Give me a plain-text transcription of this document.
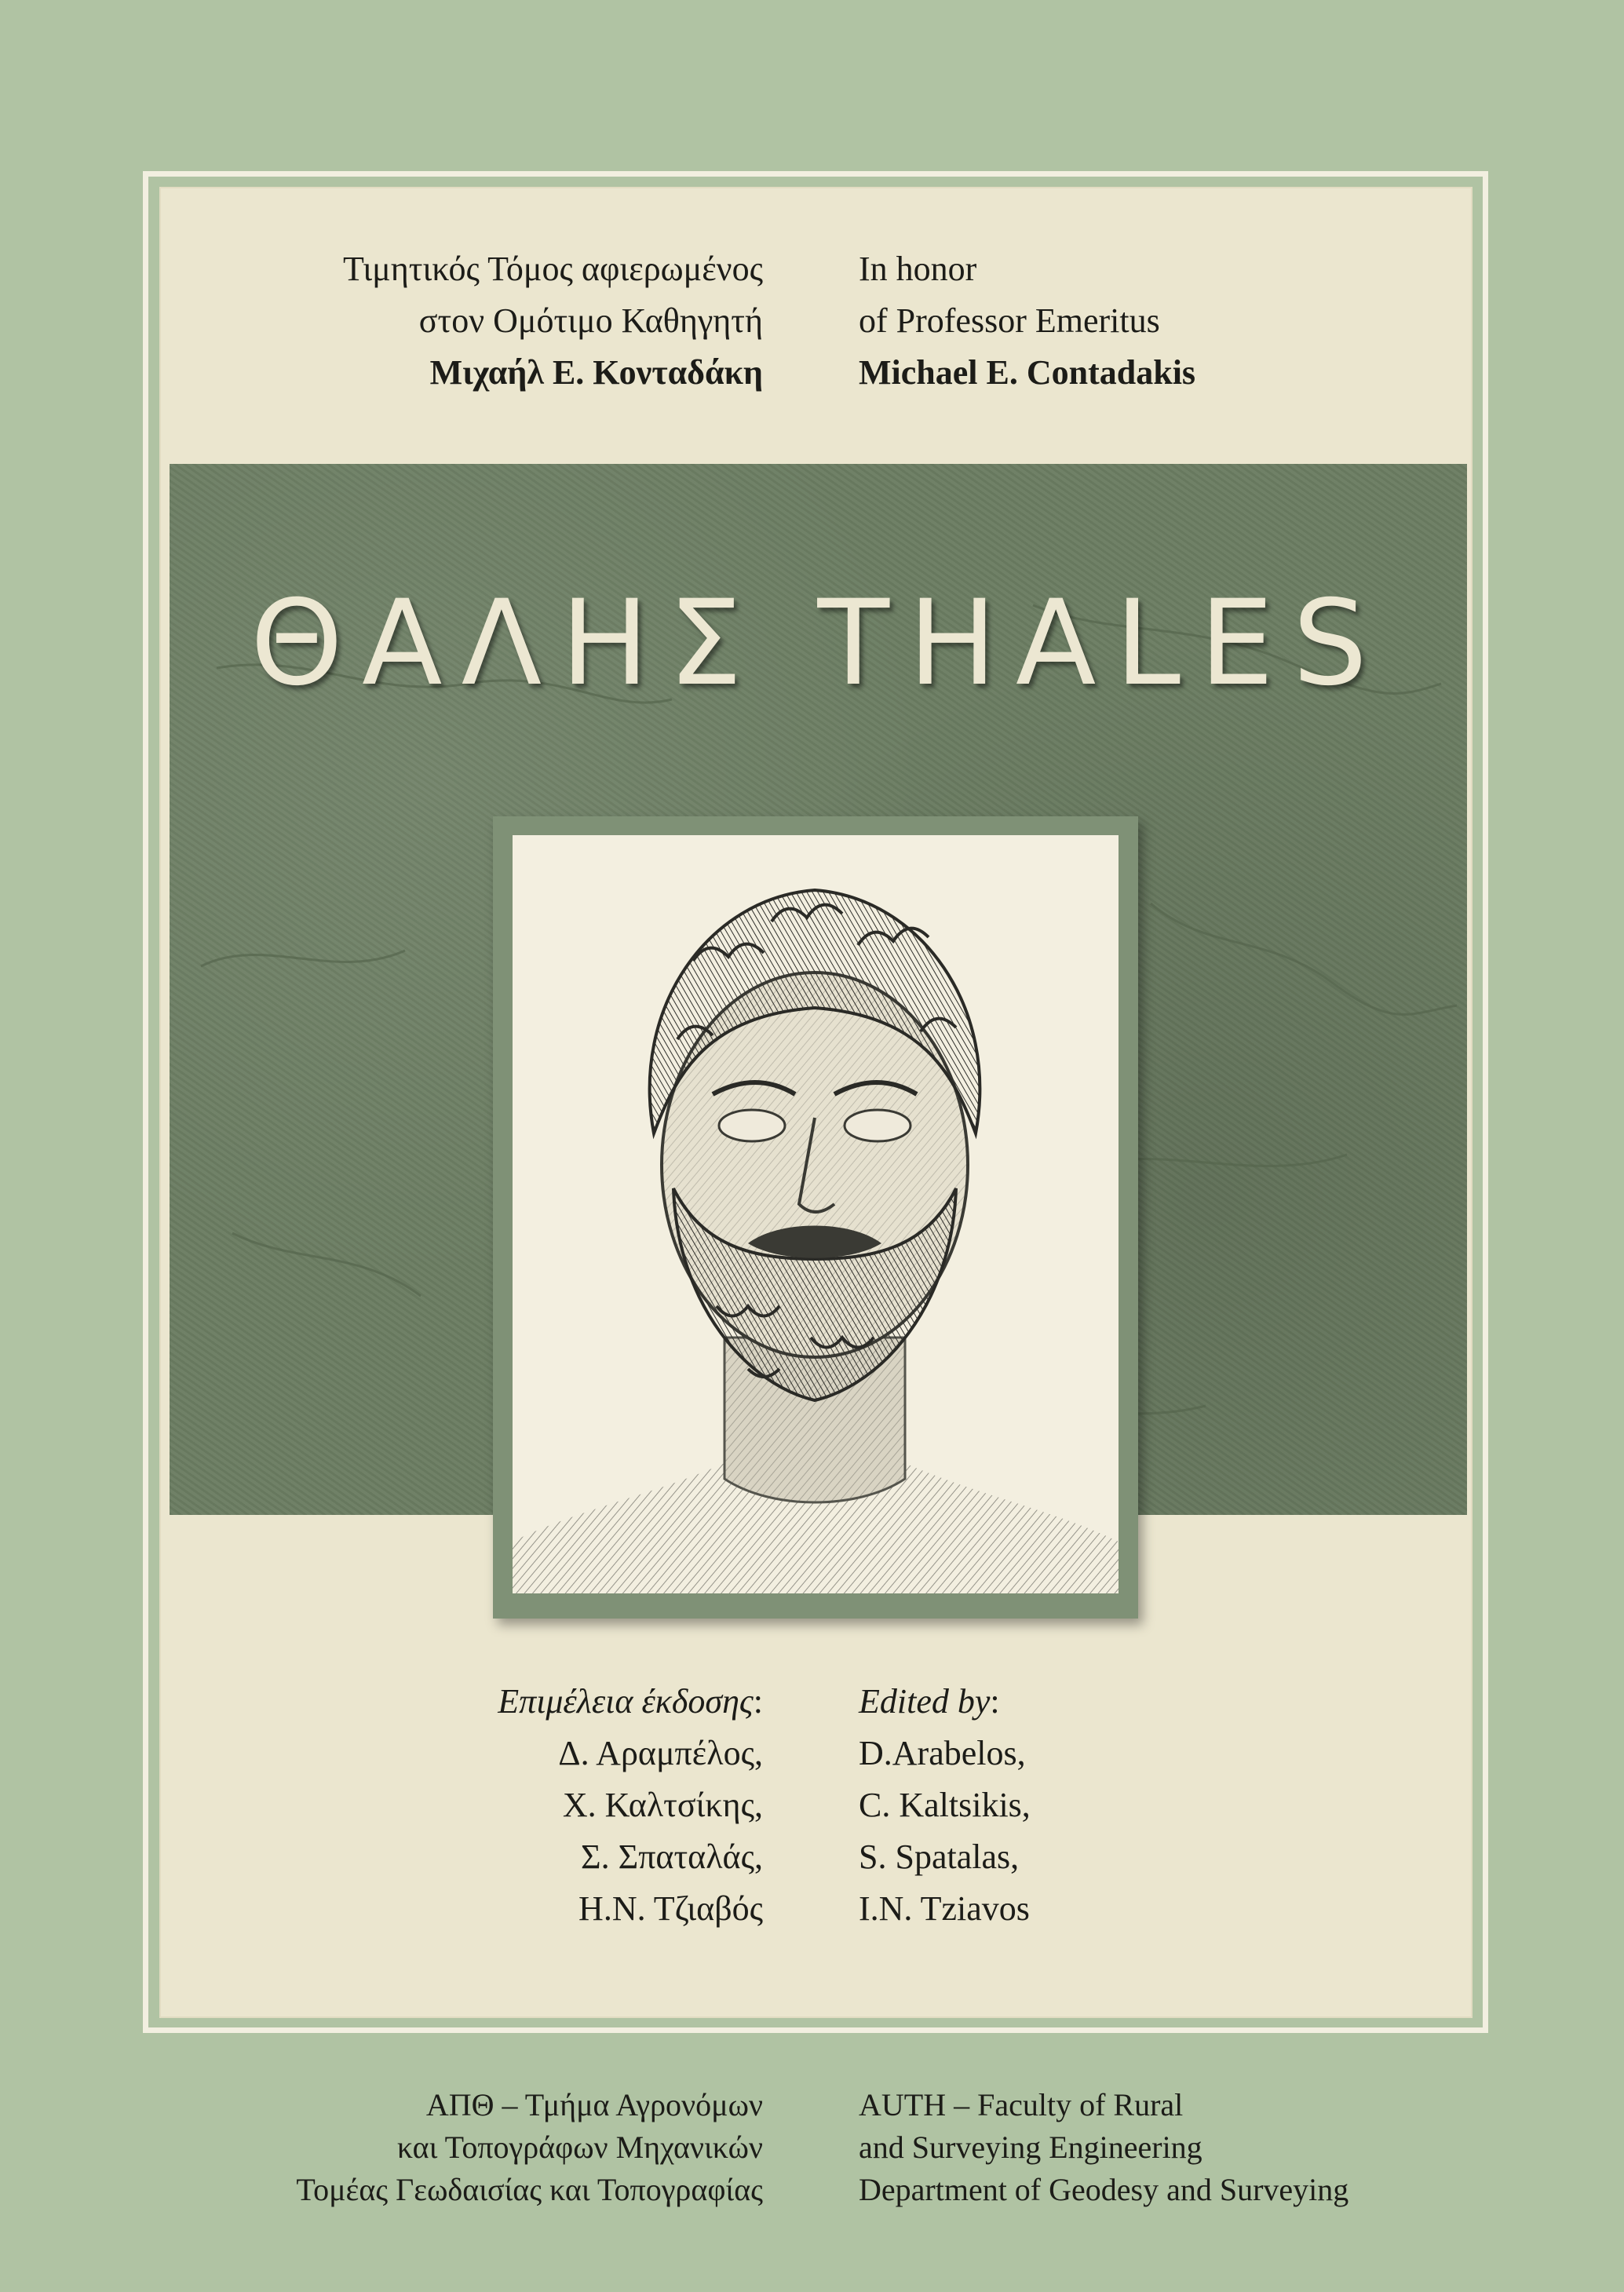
Τιμητικός Τόμος αφιερωμένος
στον Ομότιμο Καθηγητή
Μιχαήλ Ε. Κονταδάκη
In honor
of Professor Emeritus
Michael E. Contadakis
ΘΑΛΗΣ THALES
Επιμέλεια έκδοσης:
Δ. Αραμπέλος,
Χ. Καλτσίκης,
Σ. Σπαταλάς,
Η.Ν. Τζιαβός
Edited by:
D.Arabelos,
C. Kaltsikis,
S. Spatalas,
I.N. Tziavos
ΑΠΘ – Τμήμα Αγρονόμων
και Τοπογράφων Μηχανικών
Τομέας Γεωδαισίας και Τοπογραφίας
AUTH – Faculty of Rural
and Surveying Engineering
Department of Geodesy and Surveying
